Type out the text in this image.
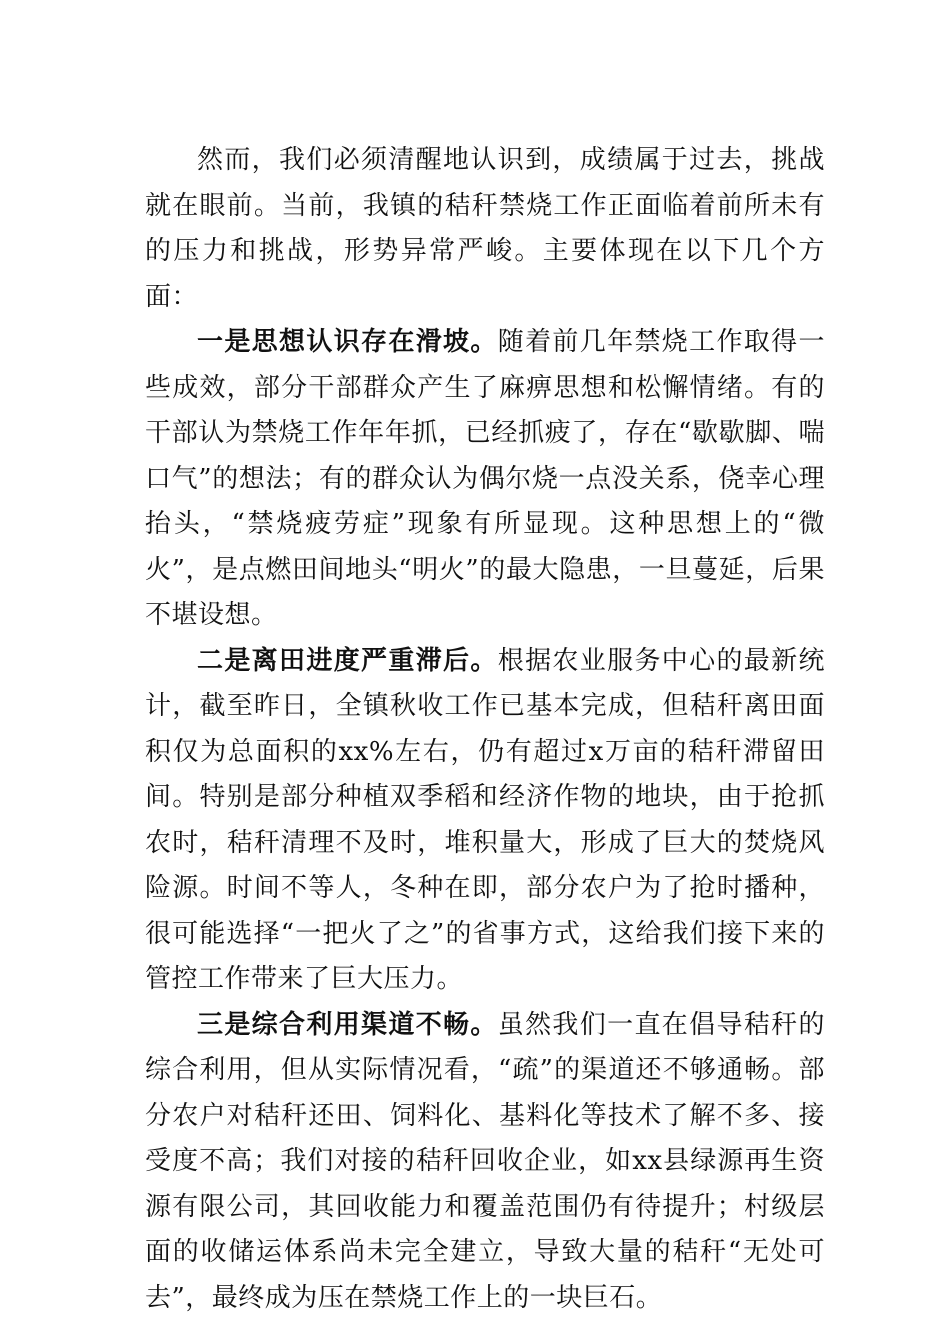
然而，我们必须清醒地认识到，成绩属于过去，挑战就在眼前。当前，我镇的秸秆禁烧工作正面临着前所未有的压力和挑战，形势异常严峻。主要体现在以下几个方面：

一是思想认识存在滑坡。随着前几年禁烧工作取得一些成效，部分干部群众产生了麻痹思想和松懈情绪。有的干部认为禁烧工作年年抓，已经抓疲了，存在“歇歇脚、喘口气”的想法；有的群众认为偶尔烧一点没关系，侥幸心理抬头，“禁烧疲劳症”现象有所显现。这种思想上的“微火”，是点燃田间地头“明火”的最大隐患，一旦蔓延，后果不堪设想。

二是离田进度严重滞后。根据农业服务中心的最新统计，截至昨日，全镇秋收工作已基本完成，但秸秆离田面积仅为总面积的xx%左右，仍有超过x万亩的秸秆滞留田间。特别是部分种植双季稻和经济作物的地块，由于抢抓农时，秸秆清理不及时，堆积量大，形成了巨大的焚烧风险源。时间不等人，冬种在即，部分农户为了抢时播种，很可能选择“一把火了之”的省事方式，这给我们接下来的管控工作带来了巨大压力。

三是综合利用渠道不畅。虽然我们一直在倡导秸秆的综合利用，但从实际情况看，“疏”的渠道还不够通畅。部分农户对秸秆还田、饲料化、基料化等技术了解不多、接受度不高；我们对接的秸秆回收企业，如xx县绿源再生资源有限公司，其回收能力和覆盖范围仍有待提升；村级层面的收储运体系尚未完全建立，导致大量的秸秆“无处可去”，最终成为压在禁烧工作上的一块巨石。
